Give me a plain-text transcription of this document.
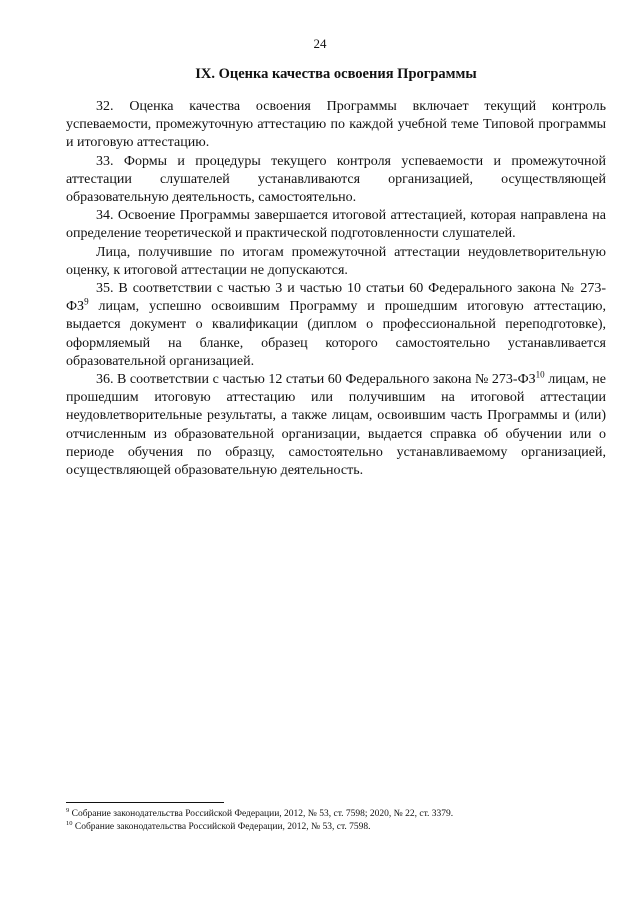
24
IX. Оценка качества освоения Программы

32. Оценка качества освоения Программы включает текущий контроль успеваемости, промежуточную аттестацию по каждой учебной теме Типовой программы и итоговую аттестацию.

33. Формы и процедуры текущего контроля успеваемости и промежуточной аттестации слушателей устанавливаются организацией, осуществляющей образовательную деятельность, самостоятельно.

34. Освоение Программы завершается итоговой аттестацией, которая направлена на определение теоретической и практической подготовленности слушателей.

Лица, получившие по итогам промежуточной аттестации неудовлетворительную оценку, к итоговой аттестации не допускаются.

35. В соответствии с частью 3 и частью 10 статьи 60 Федерального закона № $273-ФЗ^9$ лицам, успешно освоившим Программу и прошедшим итоговую аттестацию, выдается документ о квалификации (диплом о профессиональной переподготовке), оформляемый на бланке, образец которого самостоятельно устанавливается образовательной организацией.

36. В соответствии с частью 12 статьи 60 Федерального закона № 273-ФЗ$^{10}$ лицам, не прошедшим итоговую аттестацию или получившим на итоговой аттестации неудовлетворительные результаты, а также лицам, освоившим часть Программы и (или) отчисленным из образовательной организации, выдается справка об обучении или о периоде обучения по образцу, самостоятельно устанавливаемому организацией, осуществляющей образовательную деятельность.

$^9$ Собрание законодательства Российской Федерации, 2012, № 53, ст. 7598; 2020, № 22, ст. 3379.

$^{10}$ Собрание законодательства Российской Федерации, 2012, № 53, ст. 7598.
